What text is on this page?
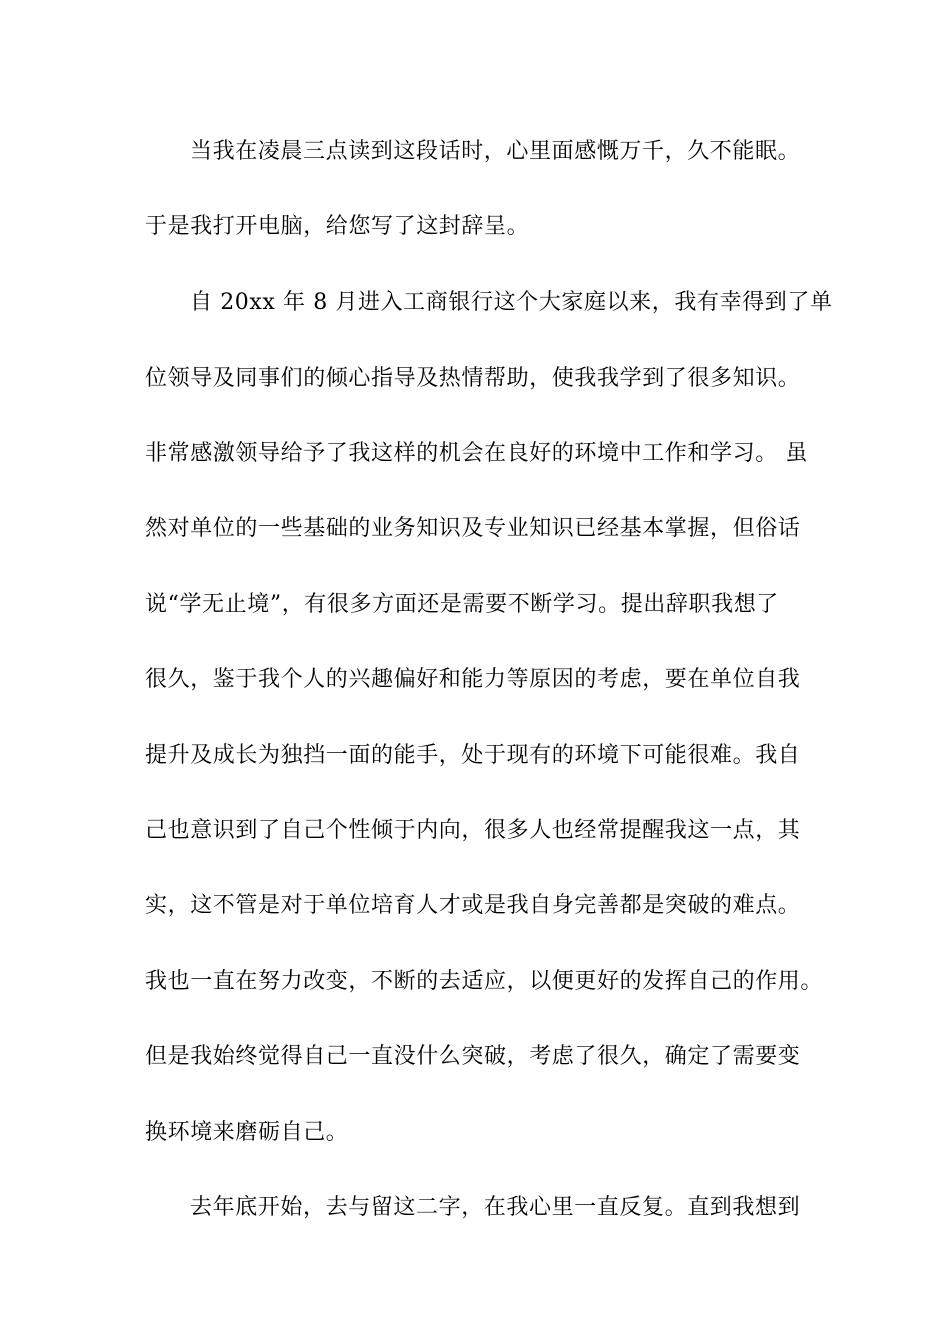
当我在凌晨三点读到这段话时，心里面感慨万千，久不能眠。
于是我打开电脑，给您写了这封辞呈。
自 20xx 年 8 月进入工商银行这个大家庭以来，我有幸得到了单
位领导及同事们的倾心指导及热情帮助，使我我学到了很多知识。
非常感激领导给予了我这样的机会在良好的环境中工作和学习。 虽
然对单位的一些基础的业务知识及专业知识已经基本掌握，但俗话
说“学无止境”，有很多方面还是需要不断学习。提出辞职我想了
很久，鉴于我个人的兴趣偏好和能力等原因的考虑，要在单位自我
提升及成长为独挡一面的能手，处于现有的环境下可能很难。我自
己也意识到了自己个性倾于内向，很多人也经常提醒我这一点，其
实，这不管是对于单位培育人才或是我自身完善都是突破的难点。
我也一直在努力改变，不断的去适应，以便更好的发挥自己的作用。
但是我始终觉得自己一直没什么突破，考虑了很久，确定了需要变
换环境来磨砺自己。
去年底开始，去与留这二字，在我心里一直反复。直到我想到
